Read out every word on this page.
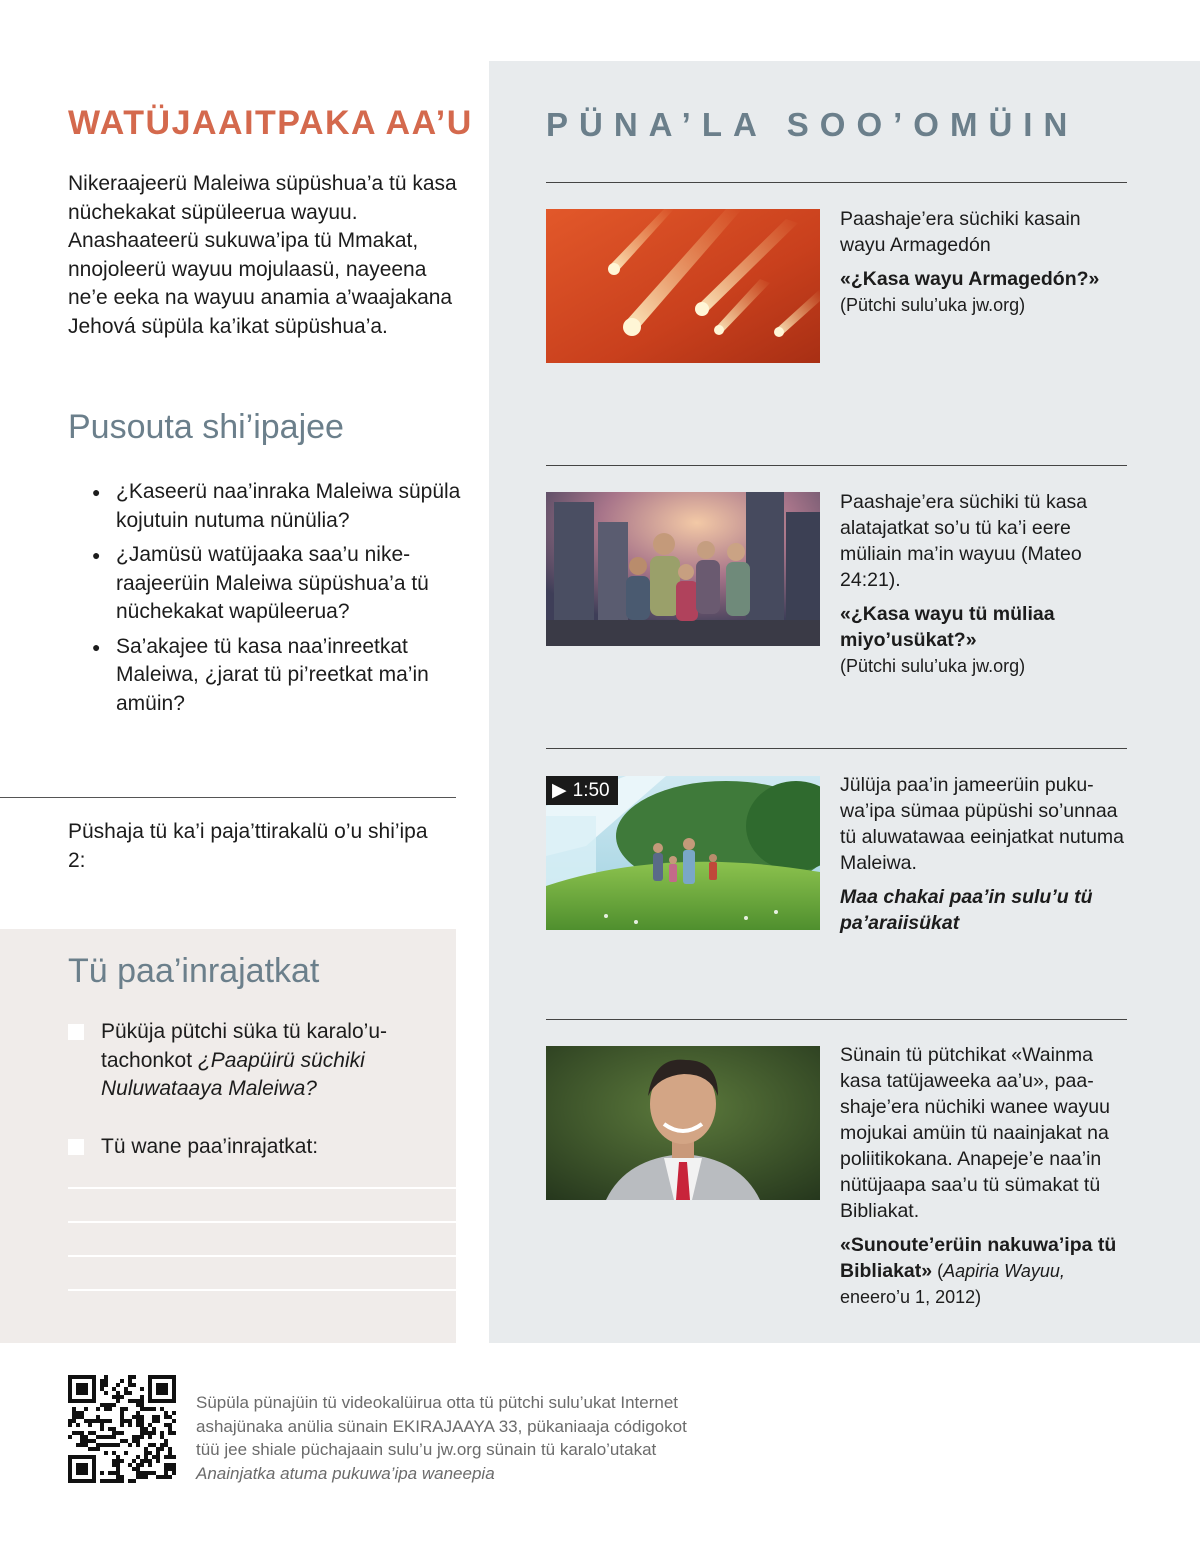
WATÜJAAITPAKA AA’U

Nikeraajeerü Maleiwa süpüshua’a tü kasa nüchekakat süpüleerua wayuu. Anashaateerü sukuwa’ipa tü Mmakat, nnojoleerü wayuu mojulaasü, nayeena ne’e eeka na wayuu anamia a’waajakana Jehová süpüla ka’ikat süpüshua’a.

Pusouta shi’ipajee
● ¿Kaseerü naa’inraka Maleiwa süpüla kojutuin nutuma nünülia?
● ¿Jamüsü watüjaaka saa’u nikeraajeerüin Maleiwa süpüshua’a tü nüchekakat wapüleerua?
● Sa’akajee tü kasa naa’inreetkat Maleiwa, ¿jarat tü pi’reetkat ma’in amüin?

Püshaja tü ka’i paja’ttirakalü o’u shi’ipa 2:

Tü paa’inrajatkat
Püküja pütchi süka tü karalo’utachonkot ¿Paapüirü süchiki Nuluwataaya Maleiwa?
Tü wane paa’inrajatkat:
PÜNA’LA SOO’OMÜIN

Paashaje’era süchiki kasain wayu Armagedón

«¿Kasa wayu Armagedón?»

(Pütchi sulu’uka jw.org)

Paashaje’era süchiki tü kasa alatajatkat so’u tü ka’i eere müliain ma’in wayuu (Mateo 24:21).

«¿Kasa wayu tü müliaa miyo’usükat?»

(Pütchi sulu’uka jw.org)

▶ 1:50	Jülüja paa’in jameerüin pukuwa’ipa sümaa püpüshi so’unnaa tü aluwatawaa eeinjatkat nutuma Maleiwa.

Maa chakai paa’in sulu’u tü pa’araiisükat

Sünain tü pütchikat «Wainma kasa tatüjaweeka aa’u», paashaje’era nüchiki wanee wayuu mojukai amüin tü naainjakat na poliitikokana. Anapeje’e naa’in nütüjaapa saa’u tü sümakat tü Bibliakat.

«Sunoute’erüin nakuwa’ipa tü Bibliakat» (Aapiria Wayuu, eneero’u 1, 2012)

Süpüla pünajüin tü videokalüirua otta tü pütchi sulu’ukat Internet
ashajünaka anülia sünain EKIRAJAAYA 33, pükaniaaja códigokot
tüü jee shiale püchajaain sulu’u jw.org sünain tü karalo’utakat
Anainjatka atuma pukuwa’ipa waneepia
